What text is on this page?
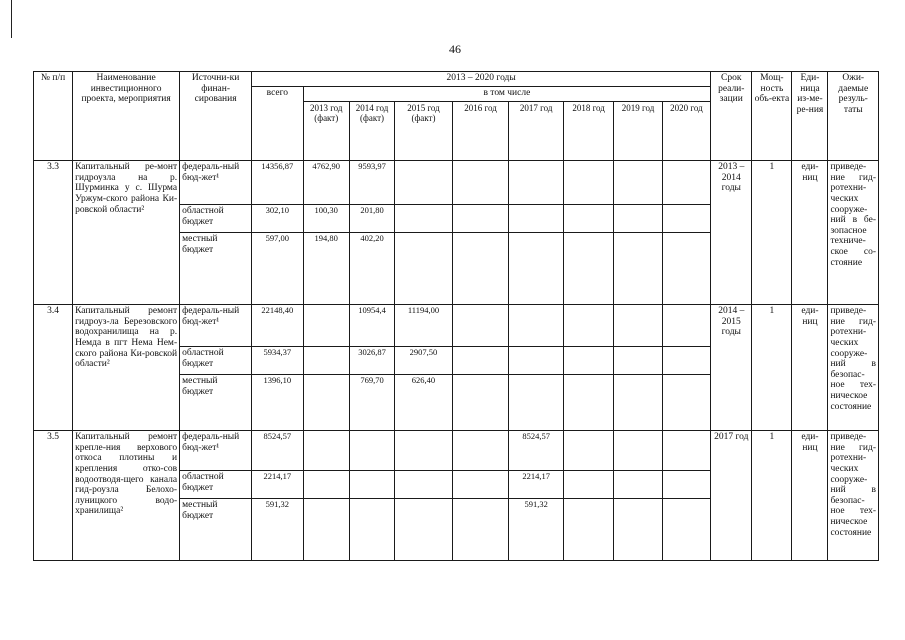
46
№ п/п	Наименование инвестиционного проекта, мероприятия	Источни-ки финан-сирования	2013 – 2020 годы									Срок реали-зации	Мощ-ность объ-екта	Еди-ница из-ме-ре-ния	Ожи-даемые резуль-таты
			всего	в том числе											
				2013 год (факт)	2014 год (факт)	2015 год (факт)	2016 год	2017 год	2018 год	2019 год	2020 год				
3.3	Капитальный ре-монт гидроузла на р. Шурминка у с. Шурма Уржум-ского района Ки-ровской области²	федераль-ный бюд-жет¹	14356,87	4762,90	9593,97							2013 – 2014 годы	1	еди-ниц	приведе-ние гид-ротехни-ческих сооруже-ний в бе-зопасное техниче-ское со-стояние
		областной бюджет	302,10	100,30	201,80										
		местный бюджет	597,00	194,80	402,20										
3.4	Капитальный ремонт гидроуз-ла Березовского водохранилища на р. Немда в пгт Нема Нем-ского района Ки-ровской области²	федераль-ный бюд-жет¹	22148,40		10954,4	11194,00						2014 – 2015 годы	1	еди-ниц	приведе-ние гид-ротехни-ческих сооруже-ний в безопас-ное тех-ническое состояние
		областной бюджет	5934,37		3026,87	2907,50									
		местный бюджет	1396,10		769,70	626,40									
3.5	Капитальный ремонт крепле-ния верхового откоса плотины и крепления отко-сов водоотводя-щего канала гид-роузла Белохо-луницкого водо-хранилища²	федераль-ный бюд-жет¹	8524,57					8524,57				2017 год	1	еди-ниц	приведе-ние гид-ротехни-ческих сооруже-ний в безопас-ное тех-ническое состояние
		областной бюджет	2214,17					2214,17							
		местный бюджет	591,32					591,32							
